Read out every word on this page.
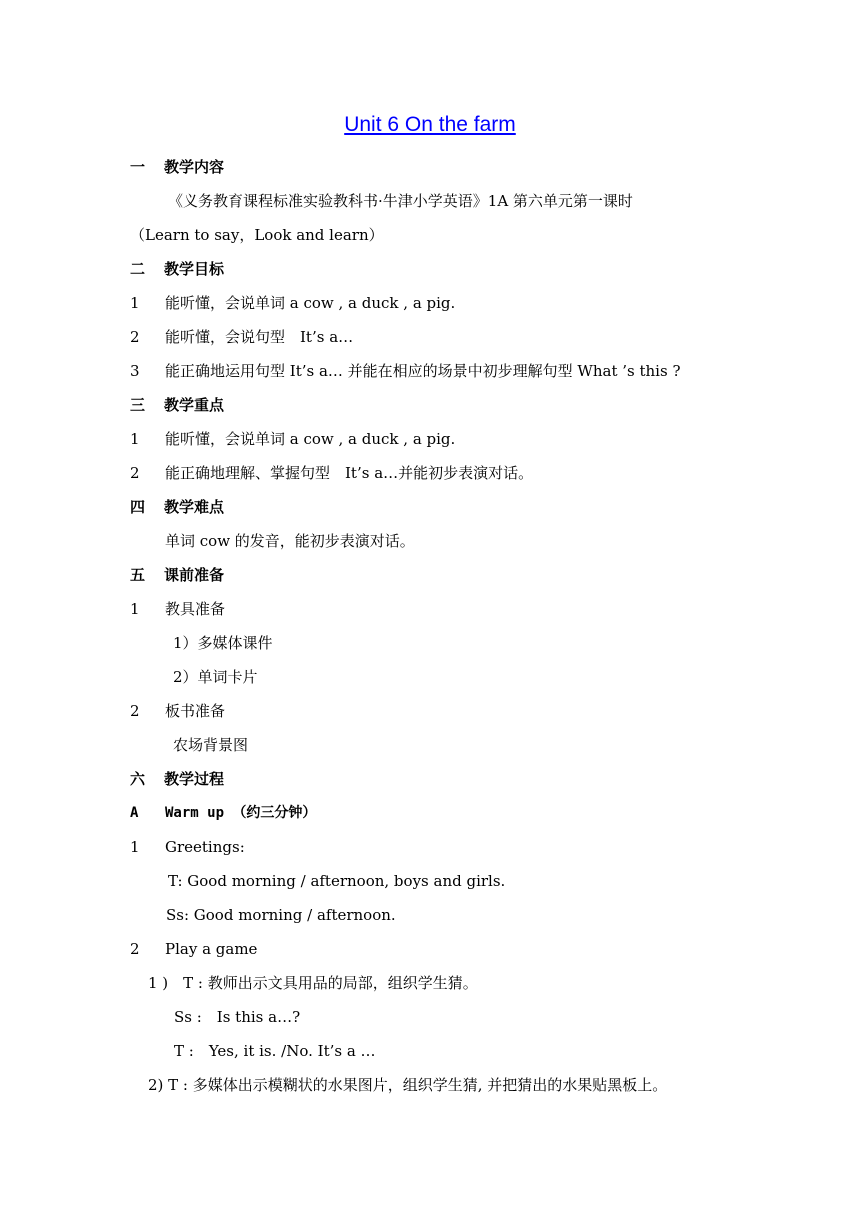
Unit 6 On the farm
一 教学内容
《义务教育课程标准实验教科书·牛津小学英语》1A 第六单元第一课时
（Learn to say，Look and learn）
二 教学目标
1 能听懂，会说单词 a cow , a duck , a pig.
2 能听懂，会说句型　It’s a…
3 能正确地运用句型 It’s a… 并能在相应的场景中初步理解句型 What ’s this ?
三 教学重点
1 能听懂，会说单词 a cow , a duck , a pig.
2 能正确地理解、掌握句型　It’s a…并能初步表演对话。
四 教学难点
单词 cow 的发音，能初步表演对话。
五 课前准备
1 教具准备
1）多媒体课件
2）单词卡片
2 板书准备
农场背景图
六 教学过程
A Warm up （约三分钟）
1 Greetings:
T: Good morning / afternoon, boys and girls.
Ss: Good morning / afternoon.
2 Play a game
1 )　T : 教师出示文具用品的局部，组织学生猜。
Ss :　Is this a…?
T :　Yes, it is. /No. It’s a …
2) T : 多媒体出示模糊状的水果图片，组织学生猜, 并把猜出的水果贴黑板上。
